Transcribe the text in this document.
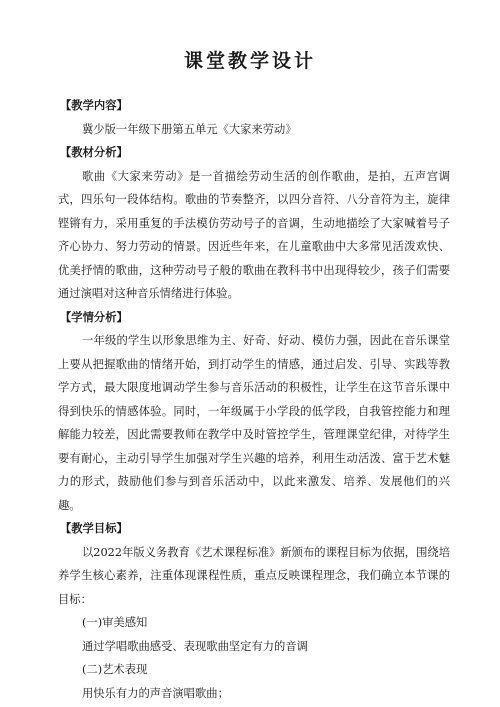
课堂教学设计
【教学内容】
冀少版一年级下册第五单元《大家来劳动》
【教材分析】
歌曲《大家来劳动》是一首描绘劳动生活的创作歌曲，是拍，五声宫调式，四乐句一段体结构。歌曲的节奏整齐，以四分音符、八分音符为主，旋律铿锵有力，采用重复的手法模仿劳动号子的音调，生动地描绘了大家喊着号子齐心协力、努力劳动的情景。因近些年来，在儿童歌曲中大多常见活泼欢快、优美抒情的歌曲，这种劳动号子般的歌曲在教科书中出现得较少，孩子们需要通过演唱对这种音乐情绪进行体验。
【学情分析】
一年级的学生以形象思维为主、好奇、好动、模仿力强，因此在音乐课堂上要从把握歌曲的情绪开始，到打动学生的情感，通过启发、引导、实践等教学方式，最大限度地调动学生参与音乐活动的积极性，让学生在这节音乐课中得到快乐的情感体验。同时，一年级属于小学段的低学段，自我管控能力和理解能力较差，因此需要教师在教学中及时管控学生，管理课堂纪律，对待学生要有耐心，主动引导学生加强对学生兴趣的培养，利用生动活泼、富于艺术魅力的形式，鼓励他们参与到音乐活动中，以此来激发、培养、发展他们的兴趣。
【教学目标】
以2022年版义务教育《艺术课程标准》新颁布的课程目标为依据，围绕培养学生核心素养，注重体现课程性质，重点反映课程理念，我们确立本节课的目标：
(一)审美感知
通过学唱歌曲感受、表现歌曲坚定有力的音调
(二)艺术表现
用快乐有力的声音演唱歌曲；
